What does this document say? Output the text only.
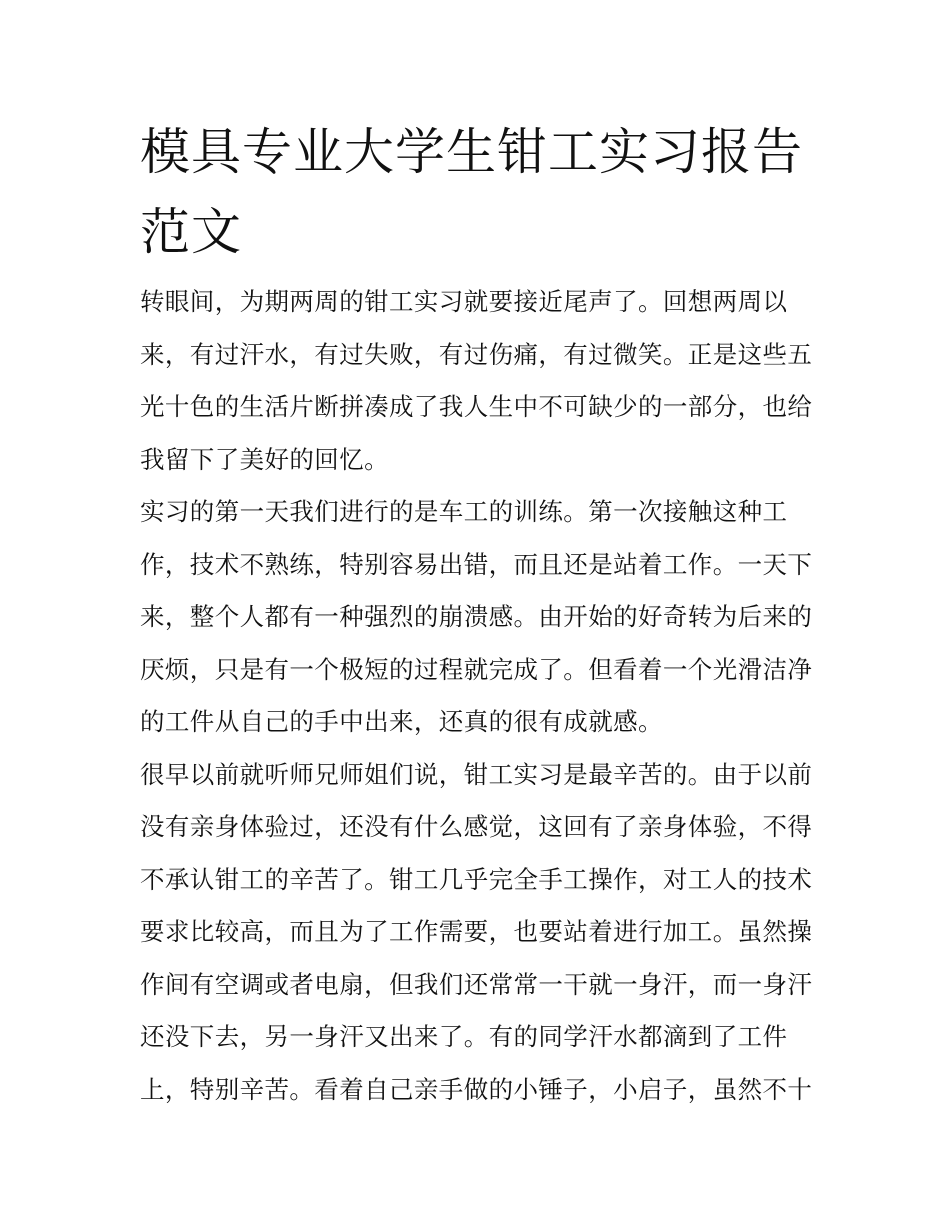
模具专业大学生钳工实习报告
范文
转眼间，为期两周的钳工实习就要接近尾声了。回想两周以
来，有过汗水，有过失败，有过伤痛，有过微笑。正是这些五
光十色的生活片断拼凑成了我人生中不可缺少的一部分，也给
我留下了美好的回忆。
实习的第一天我们进行的是车工的训练。第一次接触这种工
作，技术不熟练，特别容易出错，而且还是站着工作。一天下
来，整个人都有一种强烈的崩溃感。由开始的好奇转为后来的
厌烦，只是有一个极短的过程就完成了。但看着一个光滑洁净
的工件从自己的手中出来，还真的很有成就感。
很早以前就听师兄师姐们说，钳工实习是最辛苦的。由于以前
没有亲身体验过，还没有什么感觉，这回有了亲身体验，不得
不承认钳工的辛苦了。钳工几乎完全手工操作，对工人的技术
要求比较高，而且为了工作需要，也要站着进行加工。虽然操
作间有空调或者电扇，但我们还常常一干就一身汗，而一身汗
还没下去，另一身汗又出来了。有的同学汗水都滴到了工件
上，特别辛苦。看着自己亲手做的小锤子，小启子，虽然不十
